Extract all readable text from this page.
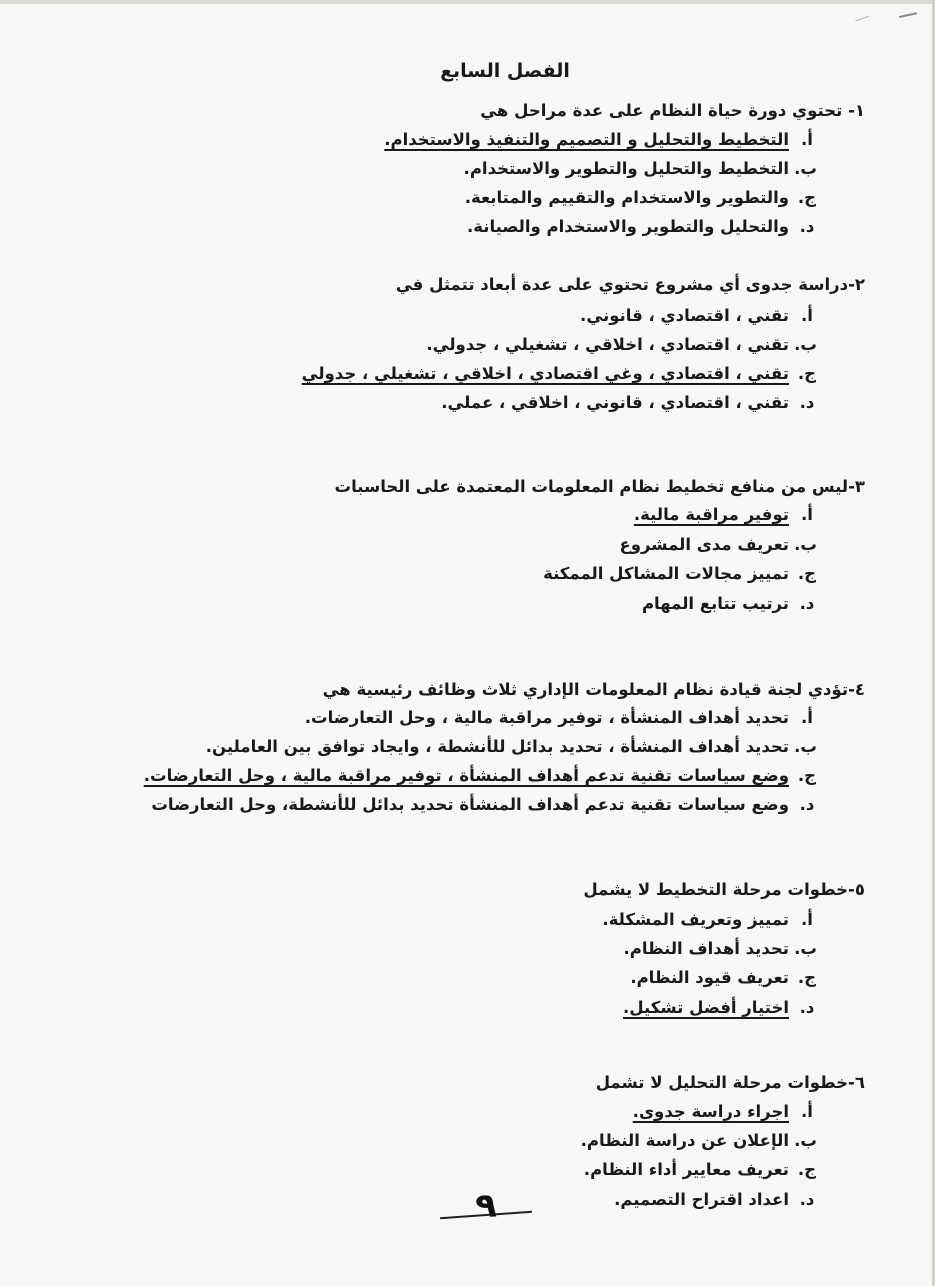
الفصل السابع
١- تحتوي دورة حياة النظام على عدة مراحل هي
أ.التخطيط والتحليل و التصميم والتنفيذ والاستخدام.
ب.التخطيط والتحليل والتطوير والاستخدام.
ج.والتطوير والاستخدام والتقييم والمتابعة.
د.والتحليل والتطوير والاستخدام والصيانة.
٢-دراسة جدوى أي مشروع تحتوي على عدة أبعاد تتمثل في
أ.تقني ، اقتصادي ، قانوني.
ب.تقني ، اقتصادي ، اخلاقي ، تشغيلي ، جدولي.
ج.تقني ، اقتصادي ، وغي اقتصادي ، اخلاقي ، تشغيلي ، جدولي
د.تقني ، اقتصادي ، قانوني ، اخلاقي ، عملي.
٣-ليس من منافع تخطيط نظام المعلومات المعتمدة على الحاسبات
أ.توفير مراقبة مالية.
ب.تعريف مدى المشروع
ج.تمييز مجالات المشاكل الممكنة
د.ترتيب تتابع المهام
٤-تؤدي لجنة قيادة نظام المعلومات الإداري ثلاث وظائف رئيسية هي
أ.تحديد أهداف المنشأة ، توفير مراقبة مالية ، وحل التعارضات.
ب.تحديد أهداف المنشأة ، تحديد بدائل للأنشطة ، وايجاد توافق بين العاملين.
ج.وضع سياسات تقنية تدعم أهداف المنشأة ، توفير مراقبة مالية ، وحل التعارضات.
د.وضع سياسات تقنية تدعم أهداف المنشأة تحديد بدائل للأنشطة، وحل التعارضات
٥-خطوات مرحلة التخطيط لا يشمل
أ.تمييز وتعريف المشكلة.
ب.تحديد أهداف النظام.
ج.تعريف قيود النظام.
د.اختيار أفضل تشكيل.
٦-خطوات مرحلة التحليل لا تشمل
أ.اجراء دراسة جدوى.
ب.الإعلان عن دراسة النظام.
ج.تعريف معايير أداء النظام.
د.اعداد اقتراح التصميم.
٩
